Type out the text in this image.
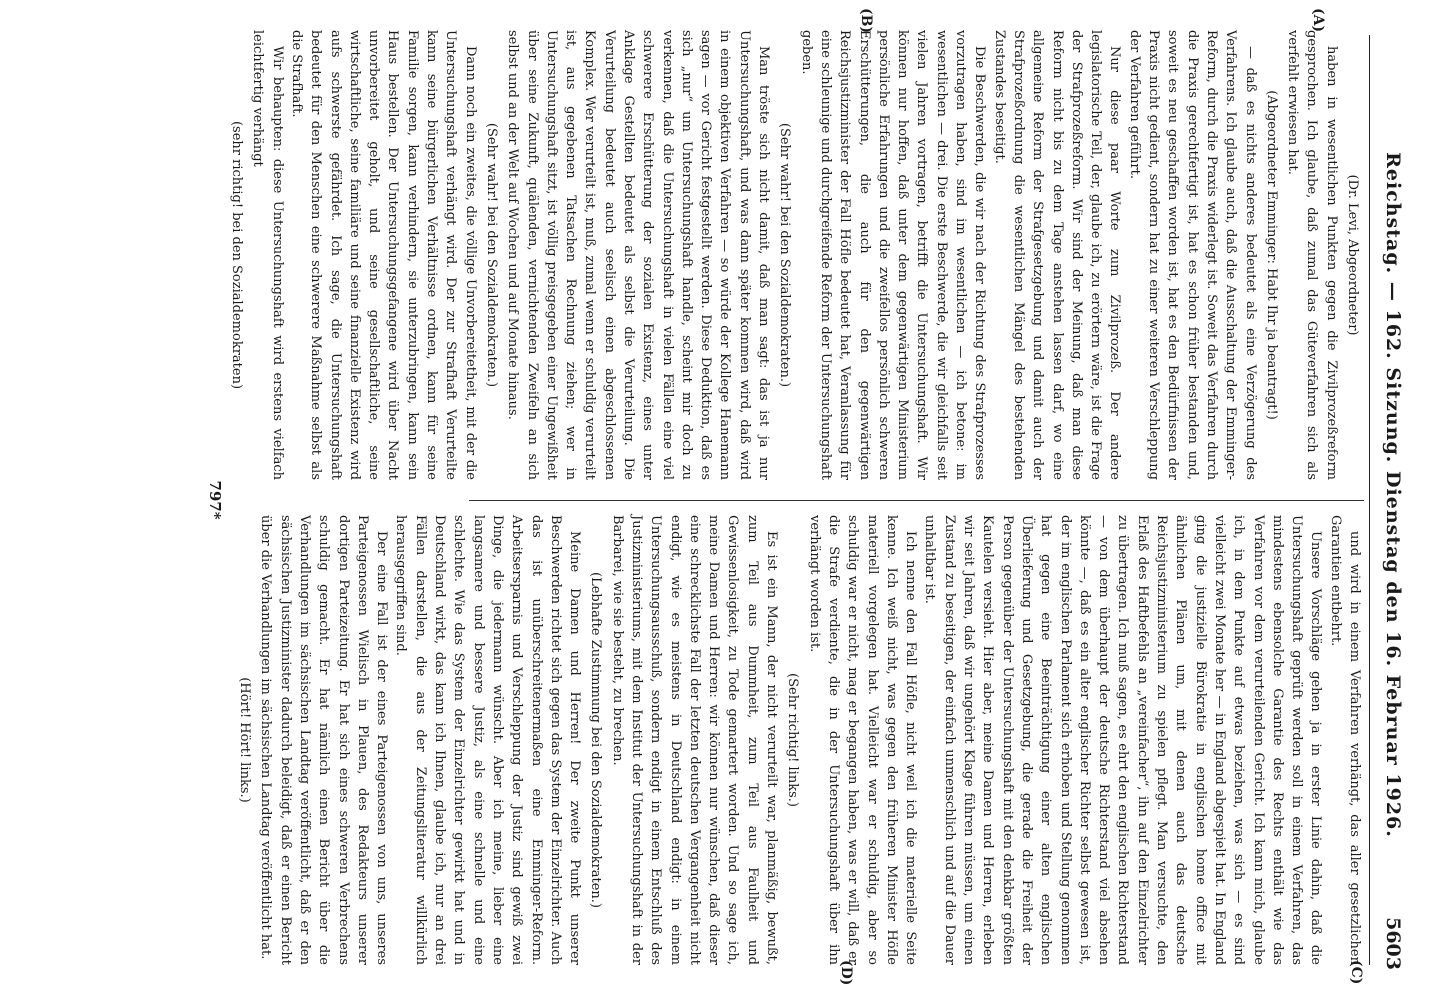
Reichstag. — 162. Sitzung. Dienstag den 16. Februar 1926.
5603
(A)
(B)
(C)
(D)

(Dr. Levi, Abgeordneter)

haben in wesentlichen Punkten gegen die Zivilprozeßreform gesprochen. Ich glaube, daß zumal das Güteverfahren sich als verfehlt erwiesen hat.

(Abgeordneter Emminger: Habt Ihr ja beantragt!)

— daß es nichts anderes bedeutet als eine Verzögerung des Verfahrens. Ich glaube auch, daß die Ausschaltung der Emminger-Reform, durch die Praxis widerlegt ist. Soweit das Verfahren durch die Praxis gerechtfertigt ist, hat es schon früher bestanden und, soweit es neu geschaffen worden ist, hat es den Bedürfnissen der Praxis nicht gedient, sondern hat zu einer weiteren Verschleppung der Verfahren geführt.

Nur diese paar Worte zum Zivilprozeß. Der andere legislatorische Teil, der, glaube ich, zu erörtern wäre, ist die Frage der Strafprozeßreform. Wir sind der Meinung, daß man diese Reform nicht bis zu dem Tage anstehen lassen darf, wo eine allgemeine Reform der Strafgesetzgebung und damit auch der Strafprozeßordnung die wesentlichen Mängel des bestehenden Zustandes beseitigt.

Die Beschwerden, die wir nach der Richtung des Strafprozesses vorzutragen haben, sind im wesentlichen — ich betone: im wesentlichen — drei. Die erste Beschwerde, die wir gleichfalls seit vielen Jahren vortragen, betrifft die Untersuchungshaft. Wir können nur hoffen, daß unter dem gegenwärtigen Ministerium persönliche Erfahrungen und die zweifellos persönlich schweren Erschütterungen, die auch für den gegenwärtigen Reichsjustizminister der Fall Höfle bedeutet hat, Veranlassung für eine schleunige und durchgreifende Reform der Untersuchungshaft geben.

(Sehr wahr! bei den Sozialdemokraten.)

Man tröste sich nicht damit, daß man sagt: das ist ja nur Untersuchungshaft, und was dann später kommen wird, daß wird in einem objektiven Verfahren — so würde der Kollege Hanemann sagen — vor Gericht festgestellt werden. Diese Deduktion, daß es sich „nur“ um Untersuchungshaft handle, scheint mir doch zu verkennen, daß die Untersuchungshaft in vielen Fällen eine viel schwerere Erschütterung der sozialen Existenz, eines unter Anklage Gestellten bedeutet als selbst die Verurteilung. Die Verurteilung bedeutet auch seelisch einen abgeschlossenen Komplex. Wer verurteilt ist, muß, zumal wenn er schuldig verurteilt ist, aus gegebenen Tatsachen Rechnung ziehen; wer in Untersuchungshaft sitzt, ist völlig preisgegeben einer Ungewißheit über seine Zukunft, quälenden, vernichtenden Zweifeln an sich selbst und an der Welt auf Wochen und auf Monate hinaus.

(Sehr wahr! bei den Sozialdemokraten.)

Dann noch ein zweites, die völlige Unvorbereitetheit, mit der die Untersuchungshaft verhängt wird. Der zur Strafhaft Verurteilte kann seine bürgerlichen Verhältnisse ordnen, kann für seine Familie sorgen, kann verhindern, sie unterzubringen, kann sein Haus bestellen. Der Untersuchungsgefangene wird über Nacht unvorbereitet geholt, und seine gesellschaftliche, seine wirtschaftliche, seine familiäre und seine finanzielle Existenz wird aufs schwerste gefährdet. Ich sage, die Untersuchungshaft bedeutet für den Menschen eine schwerere Maßnahme selbst als die Strafhaft.

Wir behaupten: diese Untersuchungshaft wird erstens vielfach leichtfertig verhängt

(sehr richtig! bei den Sozialdemokraten)

und wird in einem Verfahren verhängt, das aller gesetzlichen Garantien entbehrt.

Unsere Vorschläge gehen ja in erster Linie dahin, daß die Untersuchungshaft geprüft werden soll in einem Verfahren, das mindestens ebensolche Garantie des Rechts enthält wie das Verfahren vor dem verurteilenden Gericht. Ich kann mich, glaube ich, in dem Punkte auf etwas beziehen, was sich — es sind vielleicht zwei Monate her — in England abgespielt hat. In England ging die justizielle Bürokratie in englischen home office mit ähnlichen Plänen um, mit denen auch das deutsche Reichsjustizministerium zu spielen pflegt. Man versuchte, den Erlaß des Haftbefehls an „vereinfacher“, ihn auf den Einzelrichter zu übertragen. Ich muß sagen, es ehrt den englischen Richterstand — von dem überhaupt der deutsche Richterstand viel absehen könnte —, daß es ein alter englischer Richter selbst gewesen ist, der im englischen Parlament sich erhoben und Stellung genommen hat gegen eine Beeinträchtigung einer alten englischen Überlieferung und Gesetzgebung, die gerade die Freiheit der Person gegenüber der Untersuchungshaft mit den denkbar größten Kautelen versieht. Hier aber, meine Damen und Herren, erleben wir seit Jahren, daß wir ungehört Klage führen müssen, um einen Zustand zu beseitigen, der einfach unmenschlich und auf die Dauer unhaltbar ist.

Ich nenne den Fall Höfle, nicht weil ich die materielle Seite kenne. Ich weiß nicht, was gegen den früheren Minister Höfle materiell vorgelegen hat. Vielleicht war er schuldig, aber so schuldig war er nicht, mag er begangen haben, was er will, daß er die Strafe verdiente, die in der Untersuchungshaft über ihn verhängt worden ist.

(Sehr richtig! links.)

Es ist ein Mann, der nicht verurteilt war, planmäßig, bewußt, zum Teil aus Dummheit, zum Teil aus Faulheit und Gewissenlosigkeit, zu Tode gemartert worden. Und so sage ich, meine Damen und Herren: wir können nur wünschen, daß dieser eine schrecklichste Fall der letzten deutschen Vergangenheit nicht endigt, wie es meistens in Deutschland endigt: in einem Untersuchungsausschuß, sondern endigt in einem Entschluß des Justizministeriums, mit dem Institut der Untersuchungshaft in der Barbarei, wie sie besteht, zu brechen.

(Lebhafte Zustimmung bei den Sozialdemokraten.)

Meine Damen und Herren! Der zweite Punkt unserer Beschwerden richtet sich gegen das System der Einzelrichter. Auch das ist unüberschreitenermaßen eine Emminger-Reform. Arbeitsersparnis und Verschleppung der Justiz sind gewiß zwei Dinge, die jedermann wünscht. Aber ich meine, lieber eine langsamere und bessere Justiz, als eine schnelle und eine schlechte. Wie das System der Einzelrichter gewirkt hat und in Deutschland wirkt, das kann ich Ihnen, glaube ich, nur an drei Fällen darstellen, die aus der Zeitungsliteratur willkürlich herausgegriffen sind.

Der eine Fall ist der eines Parteigenossen von uns, unseres Parteigenossen Wielisch in Plauen, des Redakteurs unserer dortigen Parteizeitung. Er hat sich eines schweren Verbrechens schuldig gemacht. Er hat nämlich einen Bericht über die Verhandlungen im sächsischen Landtag veröffentlicht, daß er den sächsischen Justizminister dadurch beleidigt, daß er einen Bericht über die Verhandlungen im sächsischen Landtag veröffentlicht hat.

(Hört! Hört! links.)

797*
